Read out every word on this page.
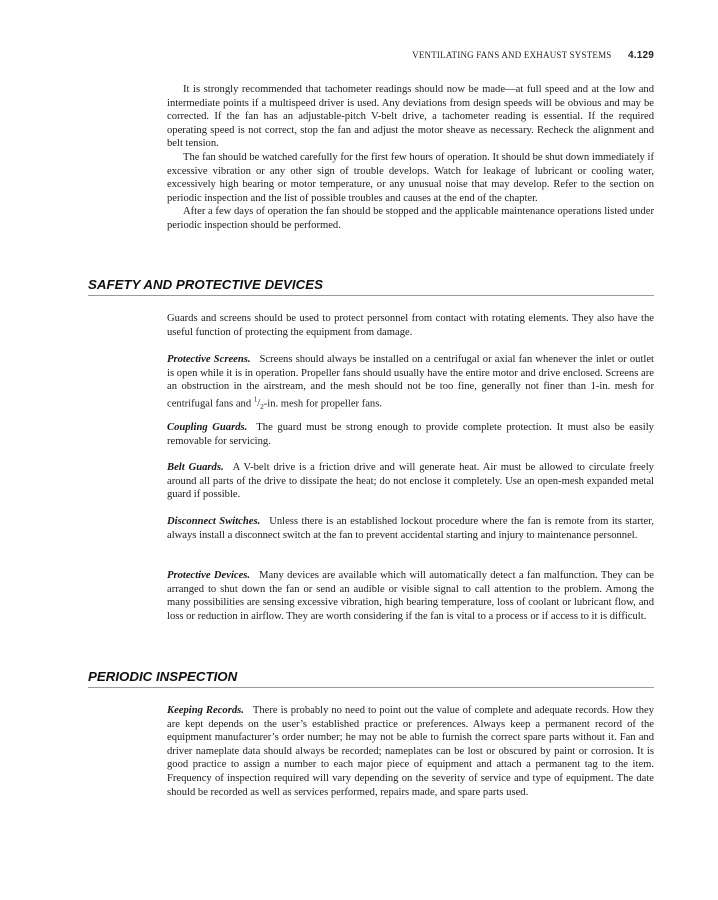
VENTILATING FANS AND EXHAUST SYSTEMS 4.129

It is strongly recommended that tachometer readings should now be made—at full speed and at the low and intermediate points if a multispeed driver is used. Any deviations from design speeds will be obvious and may be corrected. If the fan has an adjustable-pitch V-belt drive, a tachometer reading is essential. If the required operating speed is not correct, stop the fan and adjust the motor sheave as necessary. Recheck the alignment and belt tension.

The fan should be watched carefully for the first few hours of operation. It should be shut down immediately if excessive vibration or any other sign of trouble develops. Watch for leakage of lubricant or cooling water, excessively high bearing or motor temperature, or any unusual noise that may develop. Refer to the section on periodic inspection and the list of possible troubles and causes at the end of the chapter.

After a few days of operation the fan should be stopped and the applicable maintenance operations listed under periodic inspection should be performed.

SAFETY AND PROTECTIVE DEVICES

Guards and screens should be used to protect personnel from contact with rotating elements. They also have the useful function of protecting the equipment from damage.

Protective Screens. Screens should always be installed on a centrifugal or axial fan whenever the inlet or outlet is open while it is in operation. Propeller fans should usually have the entire motor and drive enclosed. Screens are an obstruction in the airstream, and the mesh should not be too fine, generally not finer than 1-in. mesh for centrifugal fans and $^1/_2-in$. mesh for propeller fans.

Coupling Guards. The guard must be strong enough to provide complete protection. It must also be easily removable for servicing.

Belt Guards. A V-belt drive is a friction drive and will generate heat. Air must be allowed to circulate freely around all parts of the drive to dissipate the heat; do not enclose it completely. Use an open-mesh expanded metal guard if possible.

Disconnect Switches. Unless there is an established lockout procedure where the fan is remote from its starter, always install a disconnect switch at the fan to prevent accidental starting and injury to maintenance personnel.

Protective Devices. Many devices are available which will automatically detect a fan malfunction. They can be arranged to shut down the fan or send an audible or visible signal to call attention to the problem. Among the many possibilities are sensing excessive vibration, high bearing temperature, loss of coolant or lubricant flow, and loss or reduction in airflow. They are worth considering if the fan is vital to a process or if access to it is difficult.

PERIODIC INSPECTION

Keeping Records. There is probably no need to point out the value of complete and adequate records. How they are kept depends on the user’s established practice or preferences. Always keep a permanent record of the equipment manufacturer’s order number; he may not be able to furnish the correct spare parts without it. Fan and driver nameplate data should always be recorded; nameplates can be lost or obscured by paint or corrosion. It is good practice to assign a number to each major piece of equipment and attach a permanent tag to the item. Frequency of inspection required will vary depending on the severity of service and type of equipment. The date should be recorded as well as services performed, repairs made, and spare parts used.
